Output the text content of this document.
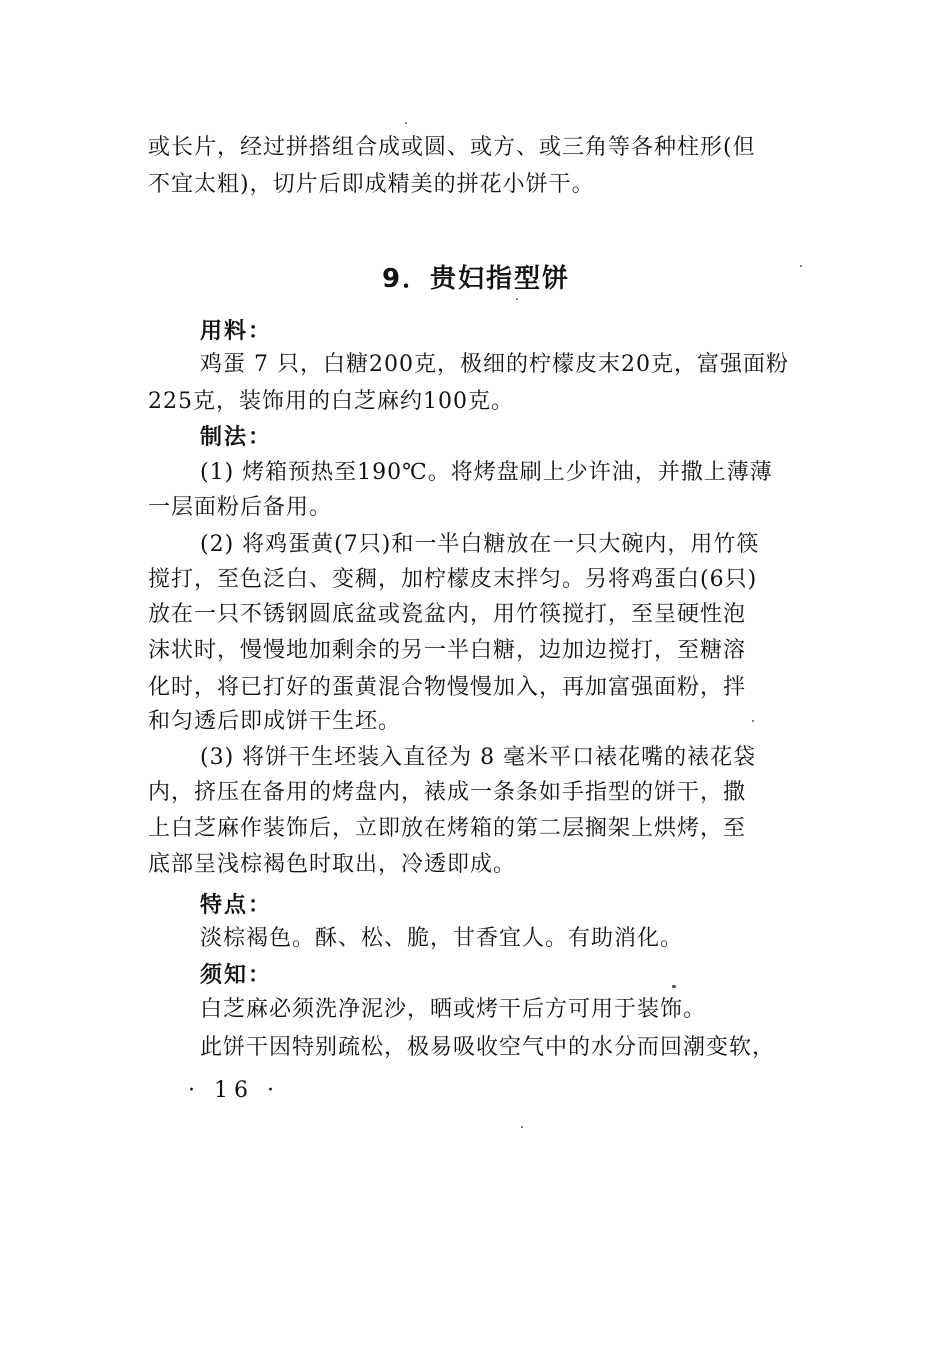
或长片，经过拼搭组合成或圆、或方、或三角等各种柱形(但
不宜太粗)，切片后即成精美的拼花小饼干。
9．贵妇指型饼
用料：
鸡蛋 7 只，白糖200克，极细的柠檬皮末20克，富强面粉
225克，装饰用的白芝麻约100克。
制法：
(1) 烤箱预热至190℃。将烤盘刷上少许油，并撒上薄薄
一层面粉后备用。
(2) 将鸡蛋黄(7只)和一半白糖放在一只大碗内，用竹筷
搅打，至色泛白、变稠，加柠檬皮末拌匀。另将鸡蛋白(6只)
放在一只不锈钢圆底盆或瓷盆内，用竹筷搅打，至呈硬性泡
沫状时，慢慢地加剩余的另一半白糖，边加边搅打，至糖溶
化时，将已打好的蛋黄混合物慢慢加入，再加富强面粉，拌
和匀透后即成饼干生坯。
(3) 将饼干生坯装入直径为 8 毫米平口裱花嘴的裱花袋
内，挤压在备用的烤盘内，裱成一条条如手指型的饼干，撒
上白芝麻作装饰后，立即放在烤箱的第二层搁架上烘烤，至
底部呈浅棕褐色时取出，冷透即成。
特点：
淡棕褐色。酥、松、脆，甘香宜人。有助消化。
须知：
白芝麻必须洗净泥沙，晒或烤干后方可用于装饰。
此饼干因特别疏松，极易吸收空气中的水分而回潮变软，
· 16 ·
